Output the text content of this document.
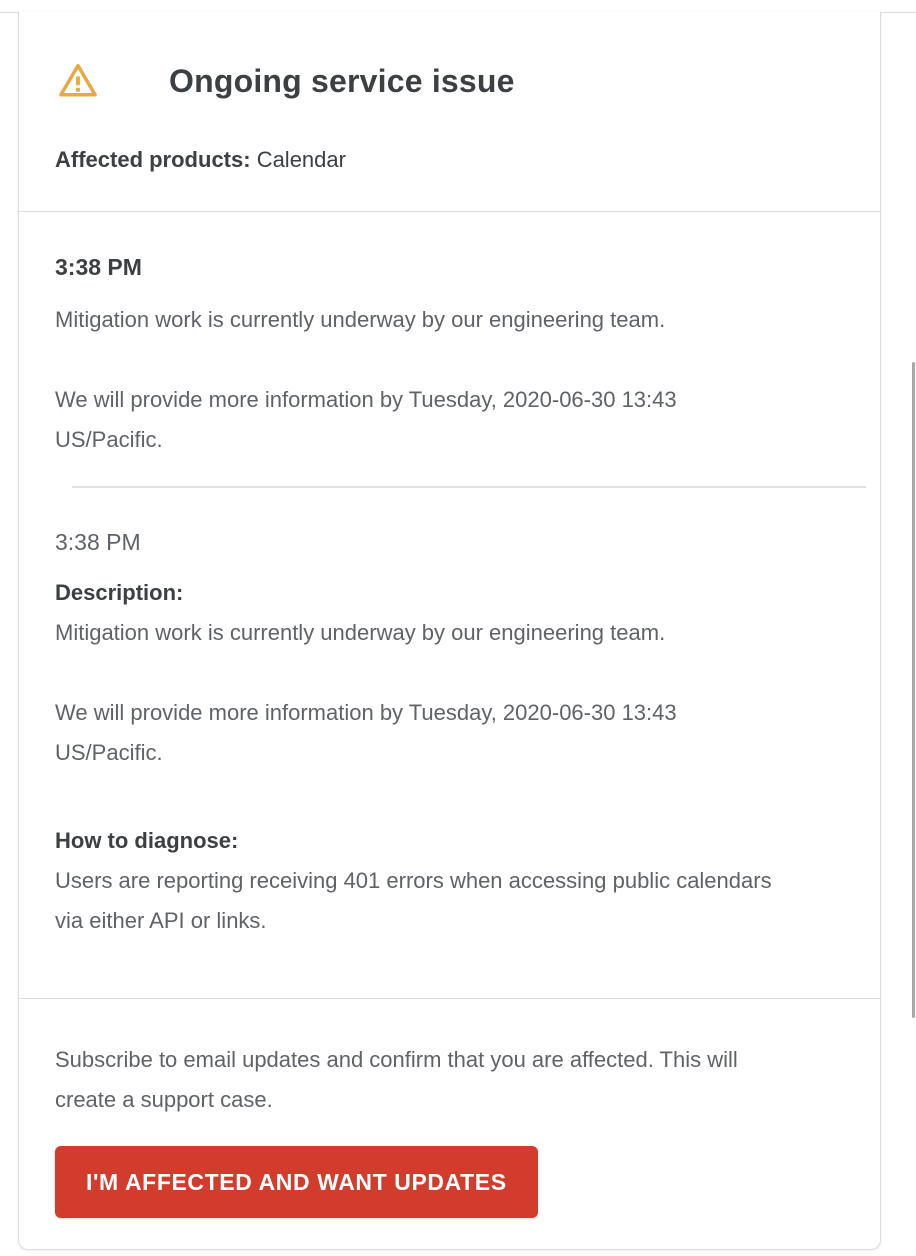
Ongoing service issue

Affected products: Calendar

3:38 PM

Mitigation work is currently underway by our engineering team.

We will provide more information by Tuesday, 2020-06-30 13:43 US/Pacific.

3:38 PM

Description:

Mitigation work is currently underway by our engineering team.

We will provide more information by Tuesday, 2020-06-30 13:43 US/Pacific.

How to diagnose:

Users are reporting receiving 401 errors when accessing public calendars via either API or links.

Subscribe to email updates and confirm that you are affected. This will create a support case.

I'M AFFECTED AND WANT UPDATES
